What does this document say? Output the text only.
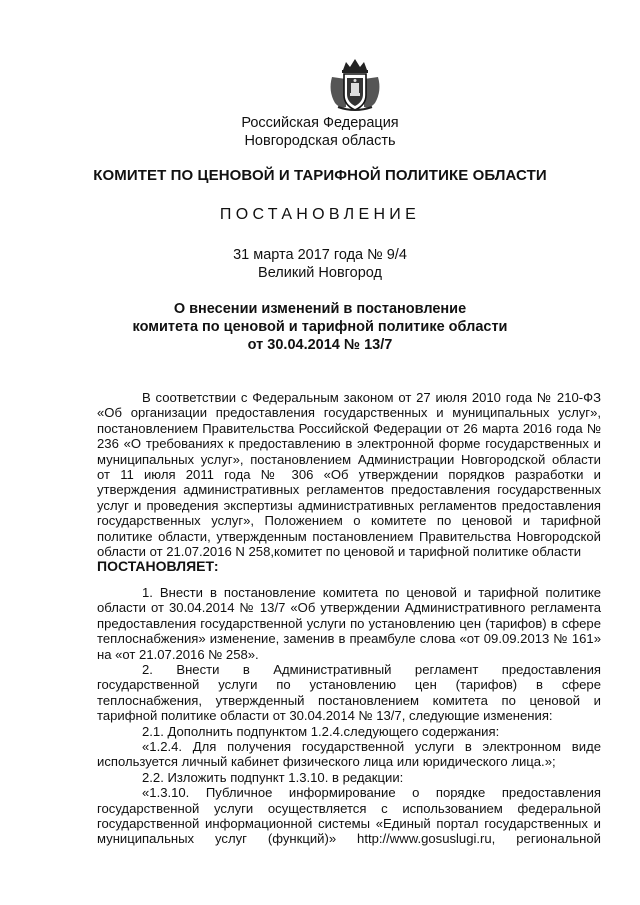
Российская Федерация
Новгородская область
КОМИТЕТ ПО ЦЕНОВОЙ И ТАРИФНОЙ ПОЛИТИКЕ ОБЛАСТИ
ПОСТАНОВЛЕНИЕ
31 марта 2017 года № 9/4
Великий Новгород
О внесении изменений в постановление
комитета по ценовой и тарифной политике области
от 30.04.2014 № 13/7

В соответствии с Федеральным законом от 27 июля 2010 года № 210-ФЗ «Об организации предоставления государственных и муниципальных услуг», постановлением Правительства Российской Федерации от 26 марта 2016 года № 236 «О требованиях к предоставлению в электронной форме государственных и муниципальных услуг», постановлением Администрации Новгородской области от 11 июля 2011 года № 306 «Об утверждении порядков разработки и утверждения административных регламентов предоставления государственных услуг и проведения экспертизы административных регламентов предоставления государственных услуг», Положением о комитете по ценовой и тарифной политике области, утвержденным постановлением Правительства Новгородской области от 21.07.2016 N 258,комитет по ценовой и тарифной политике области

ПОСТАНОВЛЯЕТ:

1. Внести в постановление комитета по ценовой и тарифной политике области от 30.04.2014 № 13/7 «Об утверждении Административного регламента предоставления государственной услуги по установлению цен (тарифов) в сфере теплоснабжения» изменение, заменив в преамбуле слова «от 09.09.2013 № 161» на «от 21.07.2016 № 258».

2. Внести в Административный регламент предоставления государственной услуги по установлению цен (тарифов) в сфере теплоснабжения, утвержденный постановлением комитета по ценовой и тарифной политике области от 30.04.2014 № 13/7, следующие изменения:

2.1. Дополнить подпунктом 1.2.4.следующего содержания:

«1.2.4. Для получения государственной услуги в электронном виде используется личный кабинет физического лица или юридического лица.»;

2.2. Изложить подпункт 1.3.10. в редакции:

«1.3.10. Публичное информирование о порядке предоставления государственной услуги осуществляется с использованием федеральной государственной информационной системы «Единый портал государственных и муниципальных услуг (функций)» http://www.gosuslugi.ru, региональной
